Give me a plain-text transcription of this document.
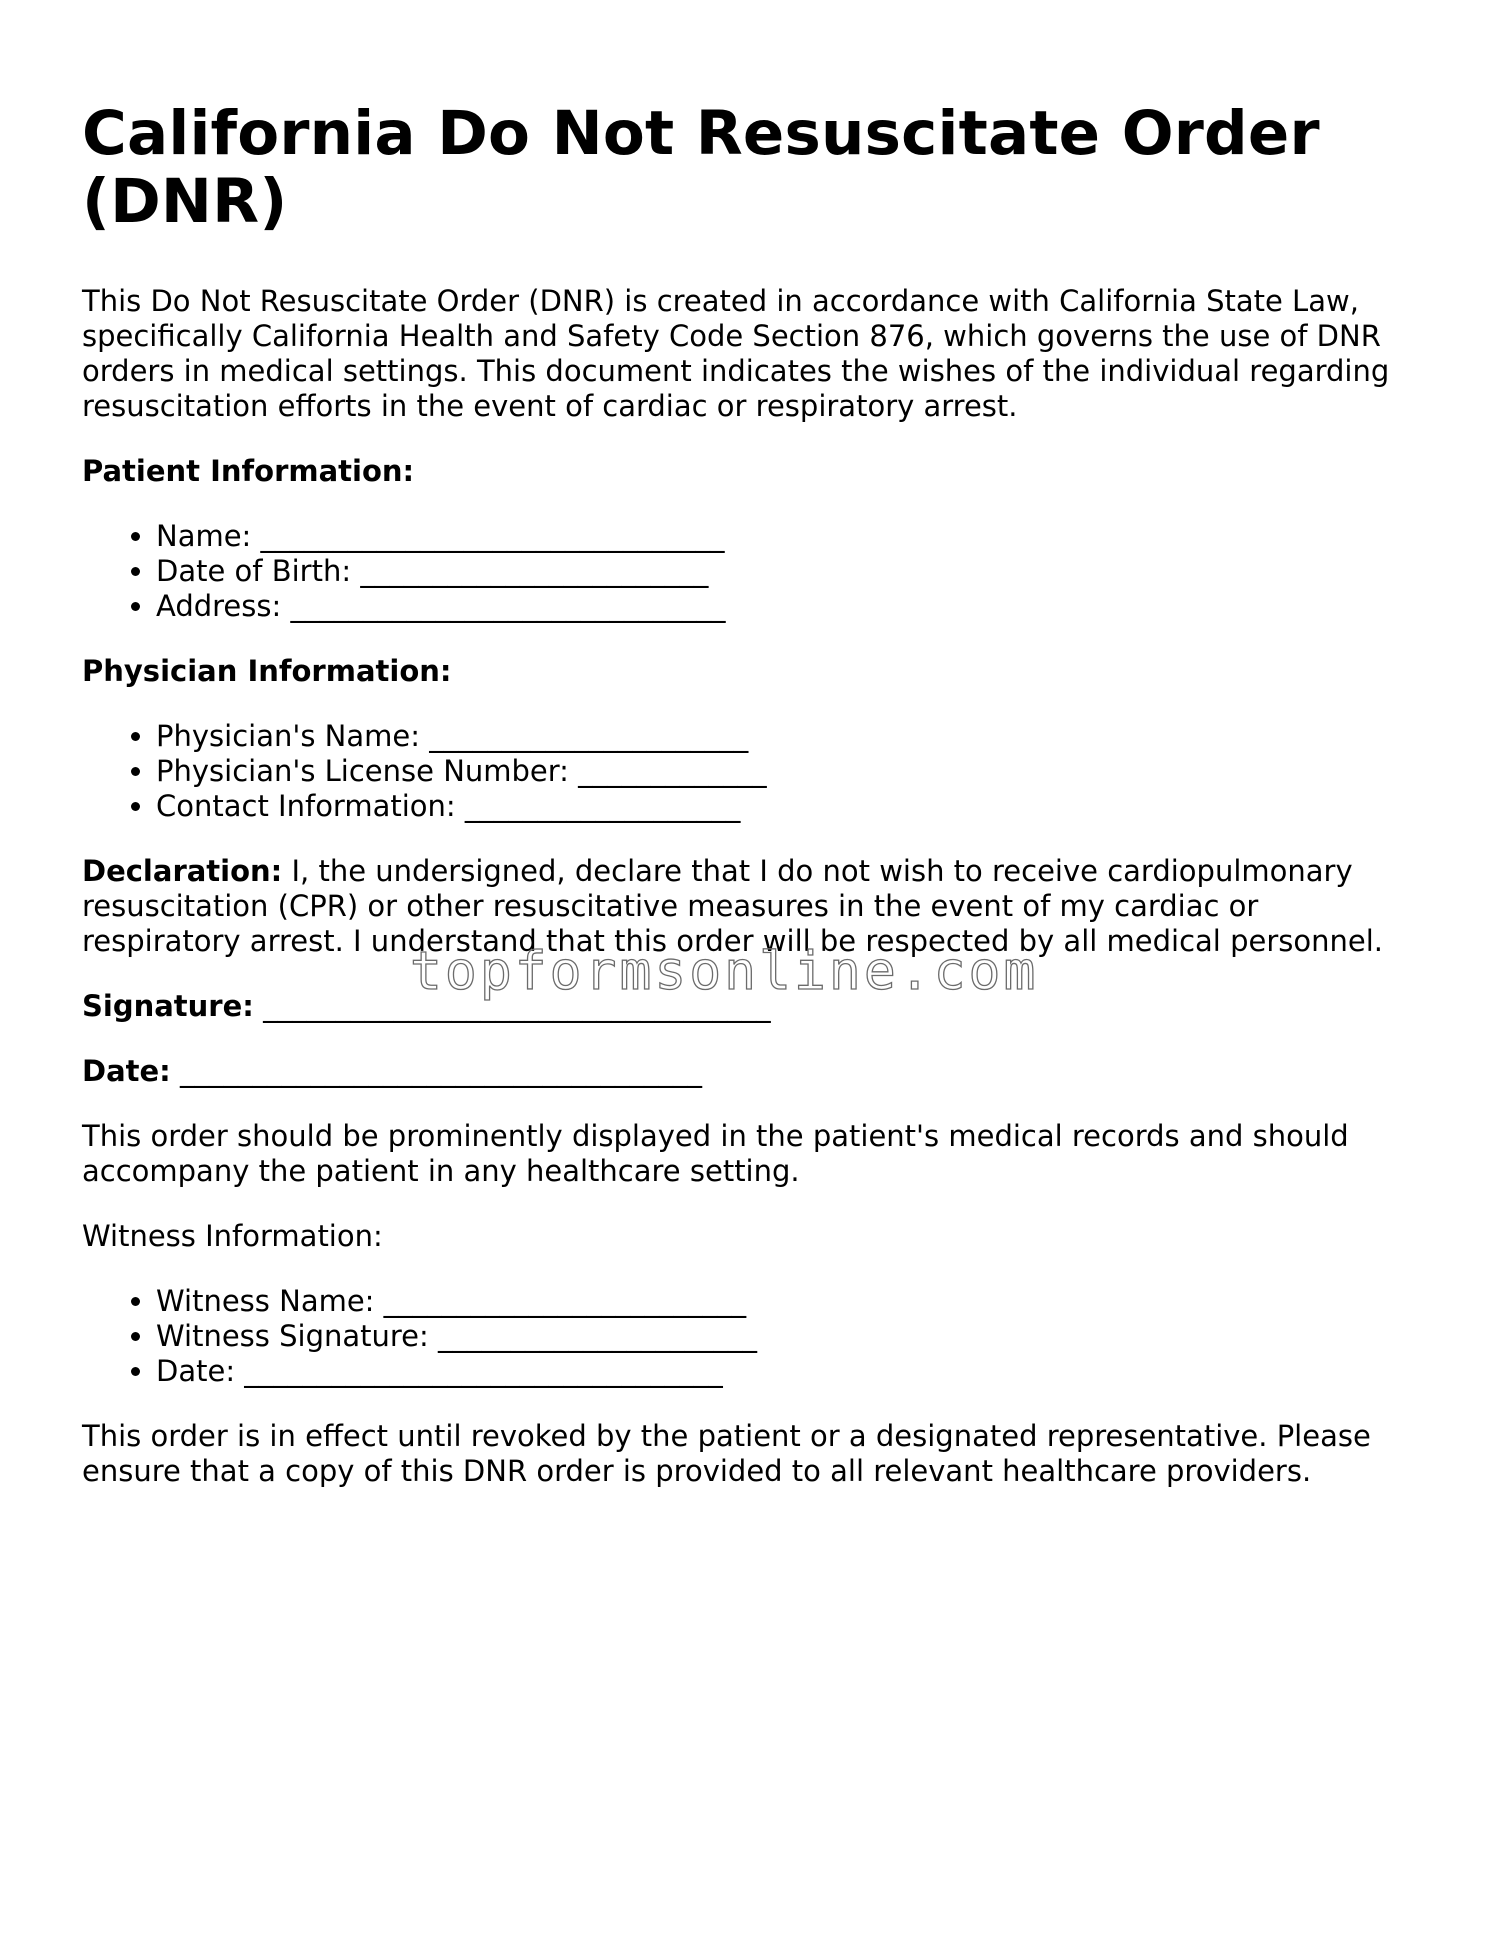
California Do Not Resuscitate Order (DNR)

This Do Not Resuscitate Order (DNR) is created in accordance with California State Law, specifically California Health and Safety Code Section 876, which governs the use of DNR orders in medical settings. This document indicates the wishes of the individual regarding resuscitation efforts in the event of cardiac or respiratory arrest.

Patient Information:

• Name: ________________________________
• Date of Birth: ________________________
• Address: ______________________________

Physician Information:

• Physician's Name: ______________________
• Physician's License Number: _____________
• Contact Information: ___________________

Declaration: I, the undersigned, declare that I do not wish to receive cardiopulmonary resuscitation (CPR) or other resuscitative measures in the event of my cardiac or respiratory arrest. I understand that this order will be respected by all medical personnel.

Signature: ___________________________________

Date: ____________________________________

This order should be prominently displayed in the patient's medical records and should accompany the patient in any healthcare setting.

Witness Information:

• Witness Name: _________________________
• Witness Signature: ______________________
• Date: _________________________________

This order is in effect until revoked by the patient or a designated representative. Please ensure that a copy of this DNR order is provided to all relevant healthcare providers.

topformsonline.com
